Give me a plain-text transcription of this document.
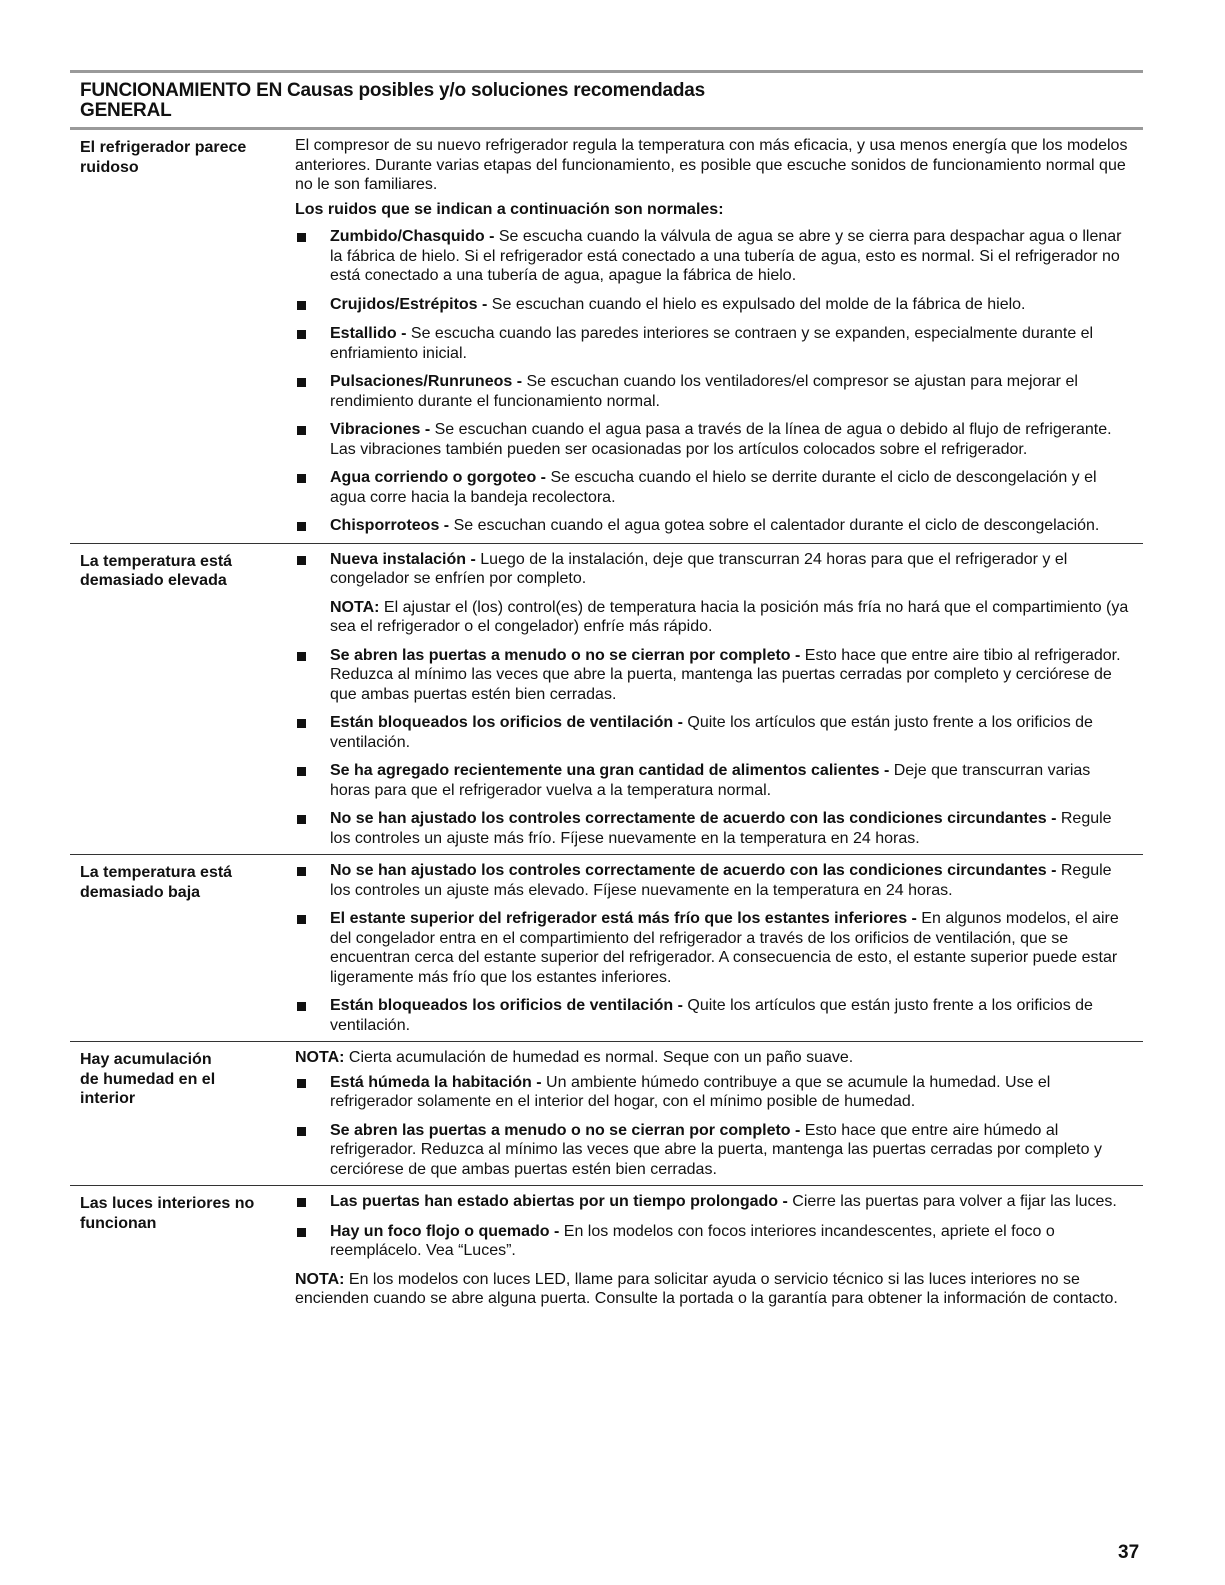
FUNCIONAMIENTO EN GENERAL
Causas posibles y/o soluciones recomendadas
El refrigerador parece ruidoso

El compresor de su nuevo refrigerador regula la temperatura con más eficacia, y usa menos energía que los modelos anteriores. Durante varias etapas del funcionamiento, es posible que escuche sonidos de funcionamiento normal que no le son familiares.

Los ruidos que se indican a continuación son normales:

Zumbido/Chasquido - Se escucha cuando la válvula de agua se abre y se cierra para despachar agua o llenar la fábrica de hielo. Si el refrigerador está conectado a una tubería de agua, esto es normal. Si el refrigerador no está conectado a una tubería de agua, apague la fábrica de hielo.
Crujidos/Estrépitos - Se escuchan cuando el hielo es expulsado del molde de la fábrica de hielo.
Estallido - Se escucha cuando las paredes interiores se contraen y se expanden, especialmente durante el enfriamiento inicial.
Pulsaciones/Runruneos - Se escuchan cuando los ventiladores/el compresor se ajustan para mejorar el rendimiento durante el funcionamiento normal.
Vibraciones - Se escuchan cuando el agua pasa a través de la línea de agua o debido al flujo de refrigerante. Las vibraciones también pueden ser ocasionadas por los artículos colocados sobre el refrigerador.
Agua corriendo o gorgoteo - Se escucha cuando el hielo se derrite durante el ciclo de descongelación y el agua corre hacia la bandeja recolectora.
Chisporroteos - Se escuchan cuando el agua gotea sobre el calentador durante el ciclo de descongelación.
La temperatura está demasiado elevada
Nueva instalación - Luego de la instalación, deje que transcurran 24 horas para que el refrigerador y el congelador se enfríen por completo.
NOTA: El ajustar el (los) control(es) de temperatura hacia la posición más fría no hará que el compartimiento (ya sea el refrigerador o el congelador) enfríe más rápido.
Se abren las puertas a menudo o no se cierran por completo - Esto hace que entre aire tibio al refrigerador. Reduzca al mínimo las veces que abre la puerta, mantenga las puertas cerradas por completo y cerciórese de que ambas puertas estén bien cerradas.
Están bloqueados los orificios de ventilación - Quite los artículos que están justo frente a los orificios de ventilación.
Se ha agregado recientemente una gran cantidad de alimentos calientes - Deje que transcurran varias horas para que el refrigerador vuelva a la temperatura normal.
No se han ajustado los controles correctamente de acuerdo con las condiciones circundantes - Regule los controles un ajuste más frío. Fíjese nuevamente en la temperatura en 24 horas.
La temperatura está demasiado baja
No se han ajustado los controles correctamente de acuerdo con las condiciones circundantes - Regule los controles un ajuste más elevado. Fíjese nuevamente en la temperatura en 24 horas.
El estante superior del refrigerador está más frío que los estantes inferiores - En algunos modelos, el aire del congelador entra en el compartimiento del refrigerador a través de los orificios de ventilación, que se encuentran cerca del estante superior del refrigerador. A consecuencia de esto, el estante superior puede estar ligeramente más frío que los estantes inferiores.
Están bloqueados los orificios de ventilación - Quite los artículos que están justo frente a los orificios de ventilación.
Hay acumulación de humedad en el interior

NOTA: Cierta acumulación de humedad es normal. Seque con un paño suave.

Está húmeda la habitación - Un ambiente húmedo contribuye a que se acumule la humedad. Use el refrigerador solamente en el interior del hogar, con el mínimo posible de humedad.
Se abren las puertas a menudo o no se cierran por completo - Esto hace que entre aire húmedo al refrigerador. Reduzca al mínimo las veces que abre la puerta, mantenga las puertas cerradas por completo y cerciórese de que ambas puertas estén bien cerradas.
Las luces interiores no funcionan
Las puertas han estado abiertas por un tiempo prolongado - Cierre las puertas para volver a fijar las luces.
Hay un foco flojo o quemado - En los modelos con focos interiores incandescentes, apriete el foco o reemplácelo. Vea “Luces”.

NOTA: En los modelos con luces LED, llame para solicitar ayuda o servicio técnico si las luces interiores no se encienden cuando se abre alguna puerta. Consulte la portada o la garantía para obtener la información de contacto.

37
